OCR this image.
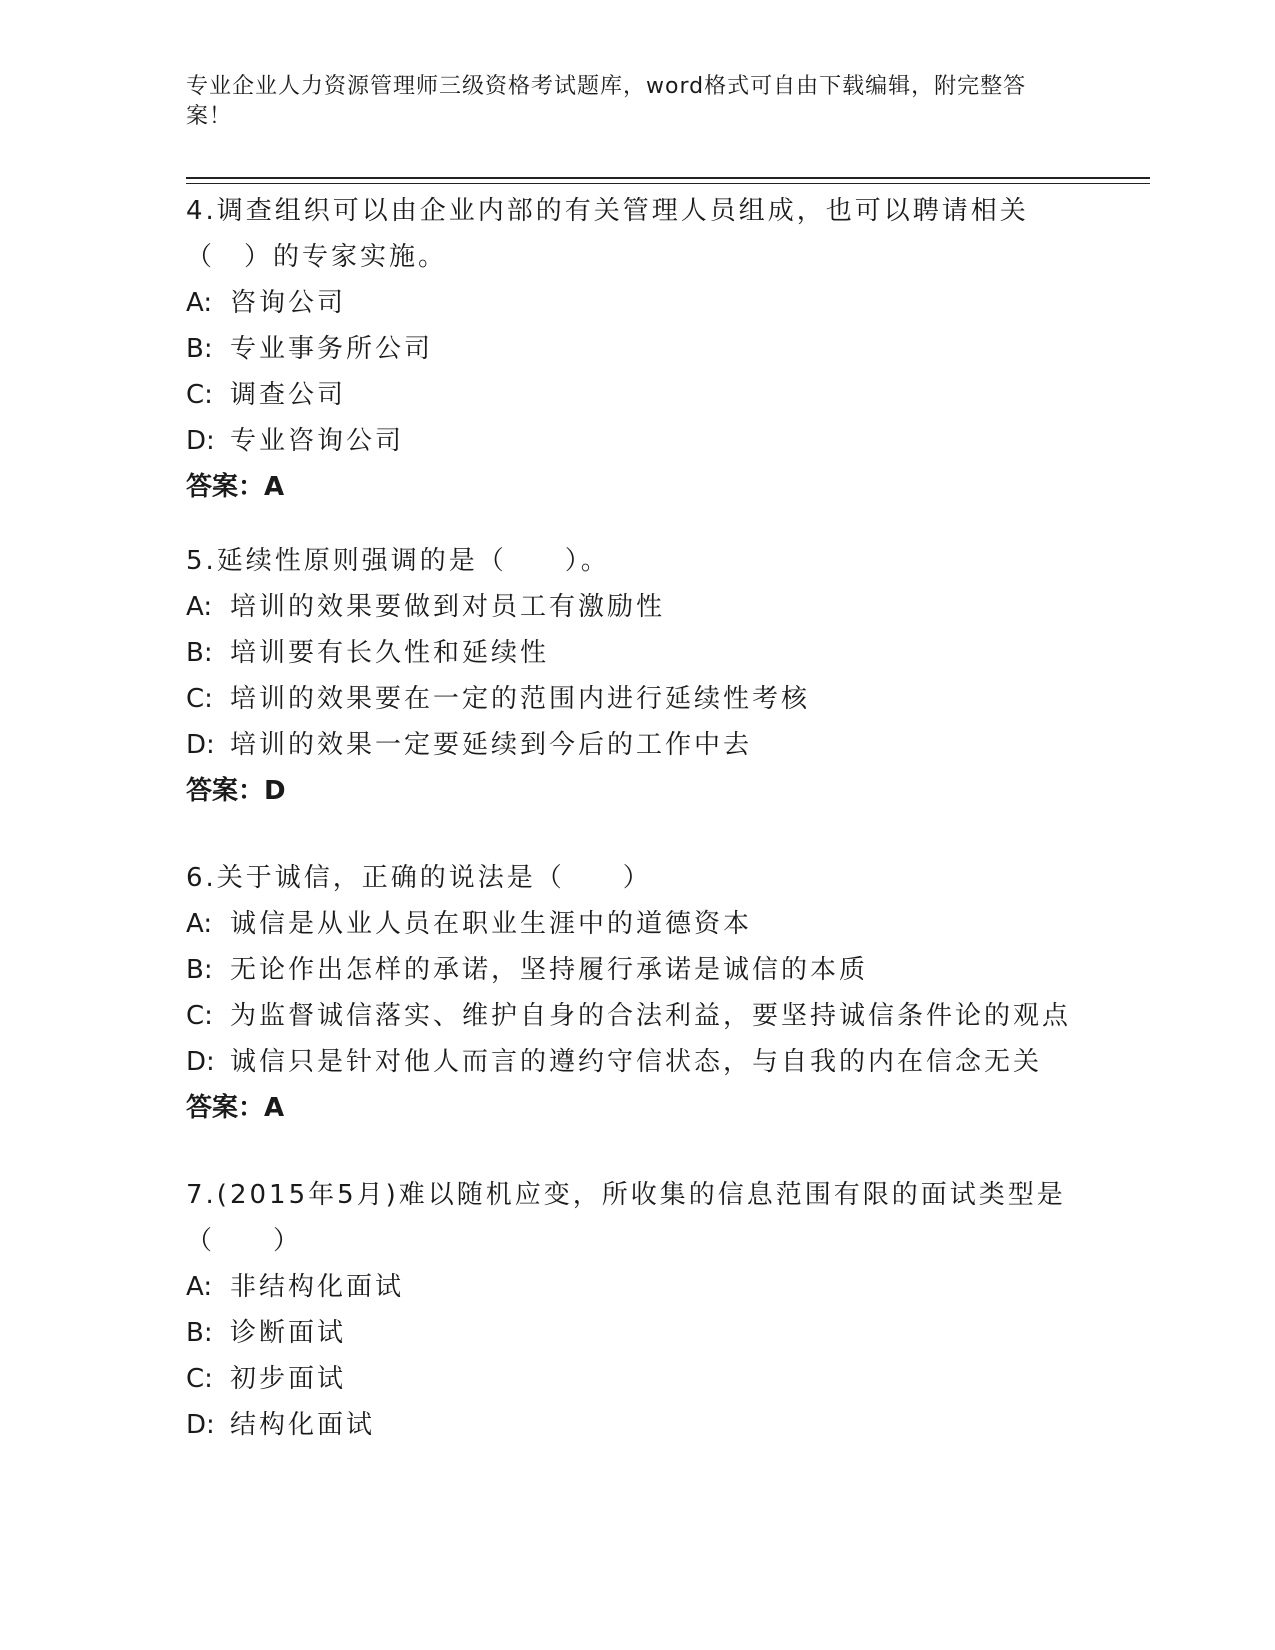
专业企业人力资源管理师三级资格考试题库，word格式可自由下载编辑，附完整答案！
4.调查组织可以由企业内部的有关管理人员组成，也可以聘请相关（　）的专家实施。
A: 咨询公司
B: 专业事务所公司
C: 调查公司
D: 专业咨询公司
答案：A
5.延续性原则强调的是（　　）。
A: 培训的效果要做到对员工有激励性
B: 培训要有长久性和延续性
C: 培训的效果要在一定的范围内进行延续性考核
D: 培训的效果一定要延续到今后的工作中去
答案：D
6.关于诚信，正确的说法是（　　）
A: 诚信是从业人员在职业生涯中的道德资本
B: 无论作出怎样的承诺，坚持履行承诺是诚信的本质
C: 为监督诚信落实、维护自身的合法利益，要坚持诚信条件论的观点
D: 诚信只是针对他人而言的遵约守信状态，与自我的内在信念无关
答案：A
7.(2015年5月)难以随机应变，所收集的信息范围有限的面试类型是（　　）
A: 非结构化面试
B: 诊断面试
C: 初步面试
D: 结构化面试
